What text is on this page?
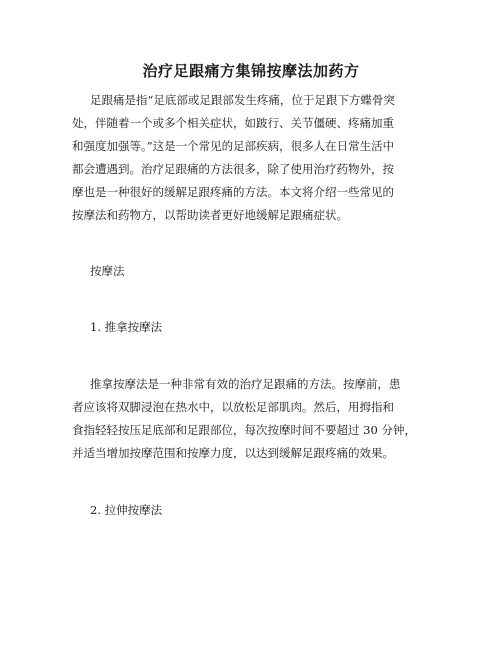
治疗足跟痛方集锦按摩法加药方
足跟痛是指“足底部或足跟部发生疼痛，位于足跟下方蝶骨突
处，伴随着一个或多个相关症状，如跛行、关节僵硬、疼痛加重
和强度加强等。”这是一个常见的足部疾病，很多人在日常生活中
都会遭遇到。治疗足跟痛的方法很多，除了使用治疗药物外，按
摩也是一种很好的缓解足跟疼痛的方法。本文将介绍一些常见的
按摩法和药物方，以帮助读者更好地缓解足跟痛症状。
按摩法
1. 推拿按摩法
推拿按摩法是一种非常有效的治疗足跟痛的方法。按摩前，患
者应该将双脚浸泡在热水中，以放松足部肌肉。然后，用拇指和
食指轻轻按压足底部和足跟部位，每次按摩时间不要超过 30 分钟，
并适当增加按摩范围和按摩力度，以达到缓解足跟疼痛的效果。
2. 拉伸按摩法
